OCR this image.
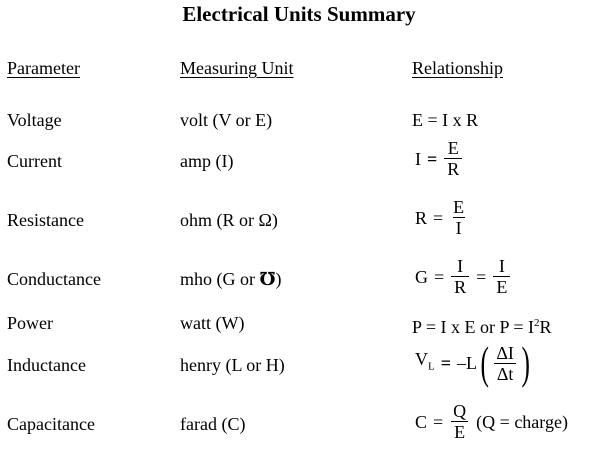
Electrical Units Summary
Parameter	Measuring Unit	Relationship
Voltage	volt (V or E)	E = I x R
Current	amp (I)	$I = \frac{E}{R}$
Resistance	ohm (R or Ω)	$R = \frac{E}{I}$
Conductance	mho (G or ℧)	$G = \frac{I}{R} = \frac{I}{E}$
Power	watt (W)	P = I x E or $P = I^2R$
Inductance	henry (L or H)	$V_L = -L( \frac{\Delta I}{\Delta t}$ )
Capacitance	farad (C)	$C = \frac{Q}{E} (Q$ = charge)
